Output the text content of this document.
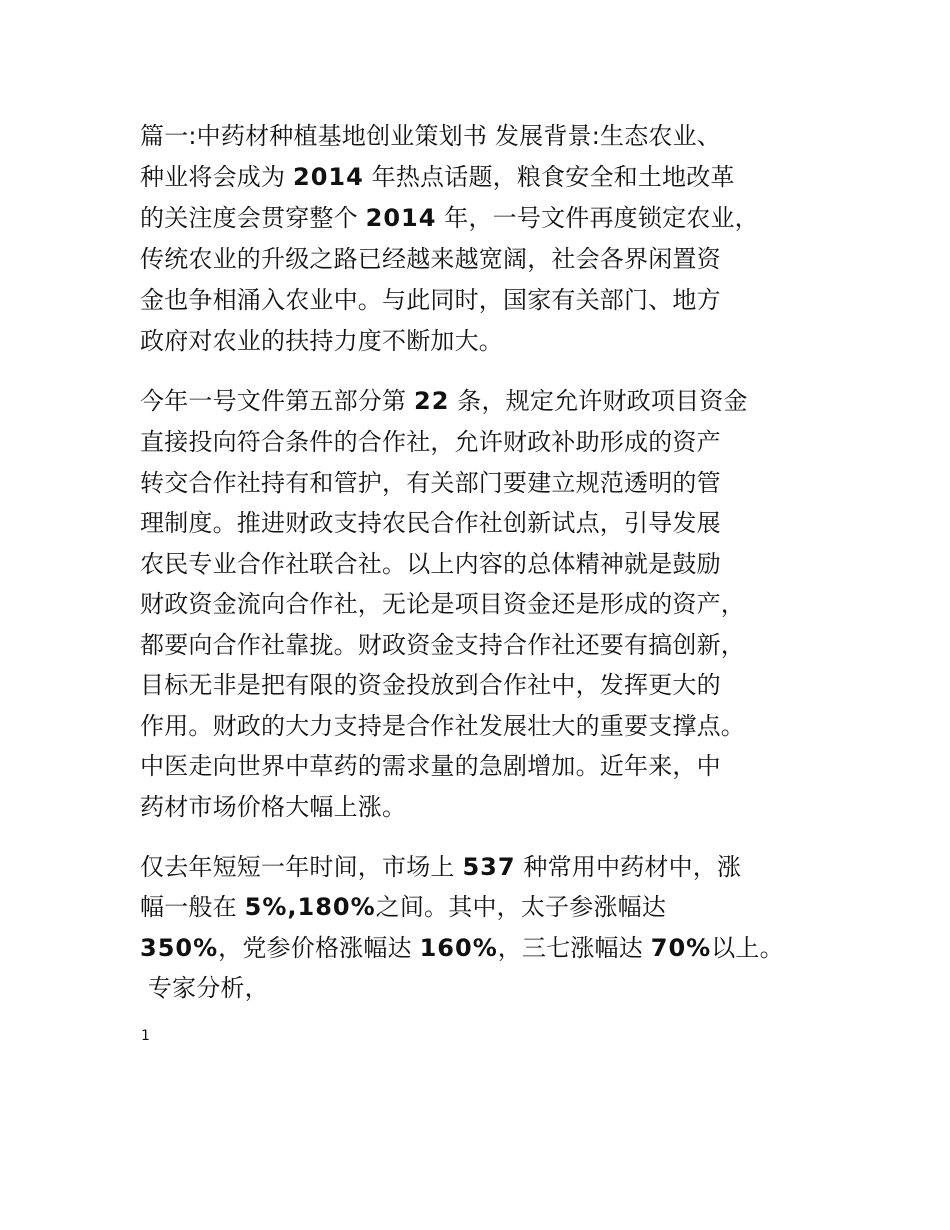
篇一:中药材种植基地创业策划书 发展背景:生态农业、
种业将会成为 2014 年热点话题，粮食安全和土地改革
的关注度会贯穿整个 2014 年，一号文件再度锁定农业，
传统农业的升级之路已经越来越宽阔，社会各界闲置资
金也争相涌入农业中。与此同时，国家有关部门、地方
政府对农业的扶持力度不断加大。
今年一号文件第五部分第 22 条，规定允许财政项目资金
直接投向符合条件的合作社，允许财政补助形成的资产
转交合作社持有和管护，有关部门要建立规范透明的管
理制度。推进财政支持农民合作社创新试点，引导发展
农民专业合作社联合社。以上内容的总体精神就是鼓励
财政资金流向合作社，无论是项目资金还是形成的资产，
都要向合作社靠拢。财政资金支持合作社还要有搞创新，
目标无非是把有限的资金投放到合作社中，发挥更大的
作用。财政的大力支持是合作社发展壮大的重要支撑点。
中医走向世界中草药的需求量的急剧增加。近年来，中
药材市场价格大幅上涨。
仅去年短短一年时间，市场上 537 种常用中药材中，涨
幅一般在 5%,180%之间。其中，太子参涨幅达
350%，党参价格涨幅达 160%，三七涨幅达 70%以上。
专家分析，
1
